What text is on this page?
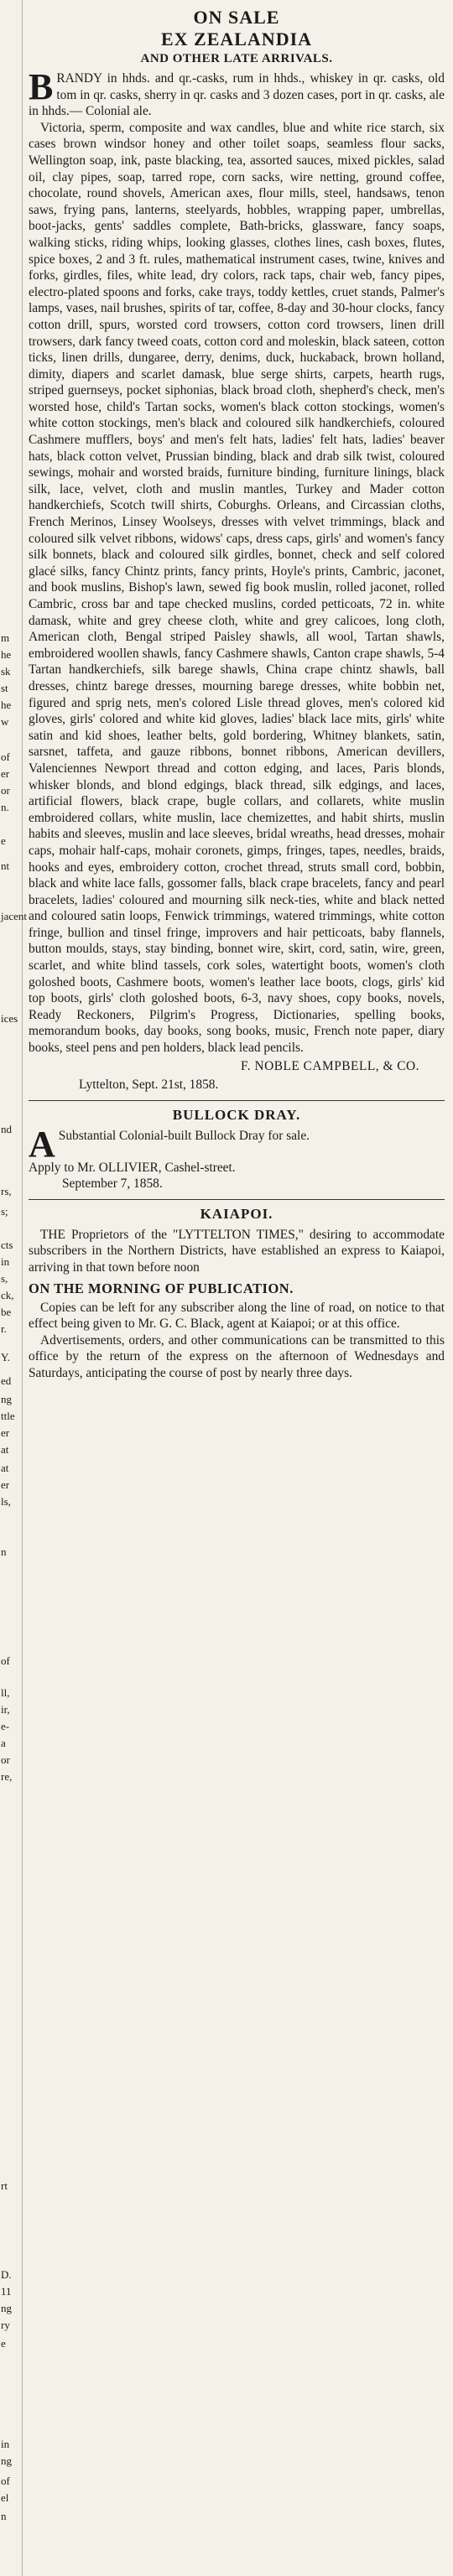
m
he
sk
st
he
w
of
er
or
n.
e
nt
jacent
ices
nd
rs,
s;
cts
in
s,
ck,
be
r.
Y.
ed
ng
ttle
er
at
at
er
ls,
n
of
ll,
ir,
e-
a
or
re,
rt
D.
11
ng
ry
e
in
ng
of
el
n

ON SALE

EX ZEALANDIA

AND OTHER LATE ARRIVALS.

BRANDY in hhds. and qr.-casks, rum in hhds., whiskey in qr. casks, old tom in qr. casks, sherry in qr. casks and 3 dozen cases, port in qr. casks, ale in hhds.— Colonial ale.

Victoria, sperm, composite and wax candles, blue and white rice starch, six cases brown windsor honey and other toilet soaps, seamless flour sacks, Wellington soap, ink, paste blacking, tea, assorted sauces, mixed pickles, salad oil, clay pipes, soap, tarred rope, corn sacks, wire netting, ground coffee, chocolate, round shovels, American axes, flour mills, steel, handsaws, tenon saws, frying pans, lanterns, steelyards, hobbles, wrapping paper, umbrellas, boot-jacks, gents' saddles complete, Bath-bricks, glassware, fancy soaps, walking sticks, riding whips, looking glasses, clothes lines, cash boxes, flutes, spice boxes, 2 and 3 ft. rules, mathematical instrument cases, twine, knives and forks, girdles, files, white lead, dry colors, rack taps, chair web, fancy pipes, electro-plated spoons and forks, cake trays, toddy kettles, cruet stands, Palmer's lamps, vases, nail brushes, spirits of tar, coffee, 8-day and 30-hour clocks, fancy cotton drill, spurs, worsted cord trowsers, cotton cord trowsers, linen drill trowsers, dark fancy tweed coats, cotton cord and moleskin, black sateen, cotton ticks, linen drills, dungaree, derry, denims, duck, huckaback, brown holland, dimity, diapers and scarlet damask, blue serge shirts, carpets, hearth rugs, striped guernseys, pocket siphonias, black broad cloth, shepherd's check, men's worsted hose, child's Tartan socks, women's black cotton stockings, women's white cotton stockings, men's black and coloured silk handkerchiefs, coloured Cashmere mufflers, boys' and men's felt hats, ladies' felt hats, ladies' beaver hats, black cotton velvet, Prussian binding, black and drab silk twist, coloured sewings, mohair and worsted braids, furniture binding, furniture linings, black silk, lace, velvet, cloth and muslin mantles, Turkey and Mader cotton handkerchiefs, Scotch twill shirts, Coburghs. Orleans, and Circassian cloths, French Merinos, Linsey Woolseys, dresses with velvet trimmings, black and coloured silk velvet ribbons, widows' caps, dress caps, girls' and women's fancy silk bonnets, black and coloured silk girdles, bonnet, check and self colored glacé silks, fancy Chintz prints, fancy prints, Hoyle's prints, Cambric, jaconet, and book muslins, Bishop's lawn, sewed fig book muslin, rolled jaconet, rolled Cambric, cross bar and tape checked muslins, corded petticoats, 72 in. white damask, white and grey cheese cloth, white and grey calicoes, long cloth, American cloth, Bengal striped Paisley shawls, all wool, Tartan shawls, embroidered woollen shawls, fancy Cashmere shawls, Canton crape shawls, 5-4 Tartan handkerchiefs, silk barege shawls, China crape chintz shawls, ball dresses, chintz barege dresses, mourning barege dresses, white bobbin net, figured and sprig nets, men's colored Lisle thread gloves, men's colored kid gloves, girls' colored and white kid gloves, ladies' black lace mits, girls' white satin and kid shoes, leather belts, gold bordering, Whitney blankets, satin, sarsnet, taffeta, and gauze ribbons, bonnet ribbons, American devillers, Valenciennes Newport thread and cotton edging, and laces, Paris blonds, whisker blonds, and blond edgings, black thread, silk edgings, and laces, artificial flowers, black crape, bugle collars, and collarets, white muslin embroidered collars, white muslin, lace chemizettes, and habit shirts, muslin habits and sleeves, muslin and lace sleeves, bridal wreaths, head dresses, mohair caps, mohair half-caps, mohair coronets, gimps, fringes, tapes, needles, braids, hooks and eyes, embroidery cotton, crochet thread, struts small cord, bobbin, black and white lace falls, gossomer falls, black crape bracelets, fancy and pearl bracelets, ladies' coloured and mourning silk neck-ties, white and black netted and coloured satin loops, Fenwick trimmings, watered trimmings, white cotton fringe, bullion and tinsel fringe, improvers and hair petticoats, baby flannels, button moulds, stays, stay binding, bonnet wire, skirt, cord, satin, wire, green, scarlet, and white blind tassels, cork soles, watertight boots, women's cloth goloshed boots, Cashmere boots, women's leather lace boots, clogs, girls' kid top boots, girls' cloth goloshed boots, 6-3, navy shoes, copy books, novels, Ready Reckoners, Pilgrim's Progress, Dictionaries, spelling books, memorandum books, day books, song books, music, French note paper, diary books, steel pens and pen holders, black lead pencils.

F. NOBLE CAMPBELL, & CO.

Lyttelton, Sept. 21st, 1858.

BULLOCK DRAY.

A Substantial Colonial-built Bullock Dray for sale.

Apply to Mr. OLLIVIER, Cashel-street.

September 7, 1858.

KAIAPOI.

THE Proprietors of the "LYTTELTON TIMES," desiring to accommodate subscribers in the Northern Districts, have established an express to Kaiapoi, arriving in that town before noon

ON THE MORNING OF PUBLICATION.

Copies can be left for any subscriber along the line of road, on notice to that effect being given to Mr. G. C. Black, agent at Kaiapoi; or at this office.

Advertisements, orders, and other communications can be transmitted to this office by the return of the express on the afternoon of Wednesdays and Saturdays, anticipating the course of post by nearly three days.
